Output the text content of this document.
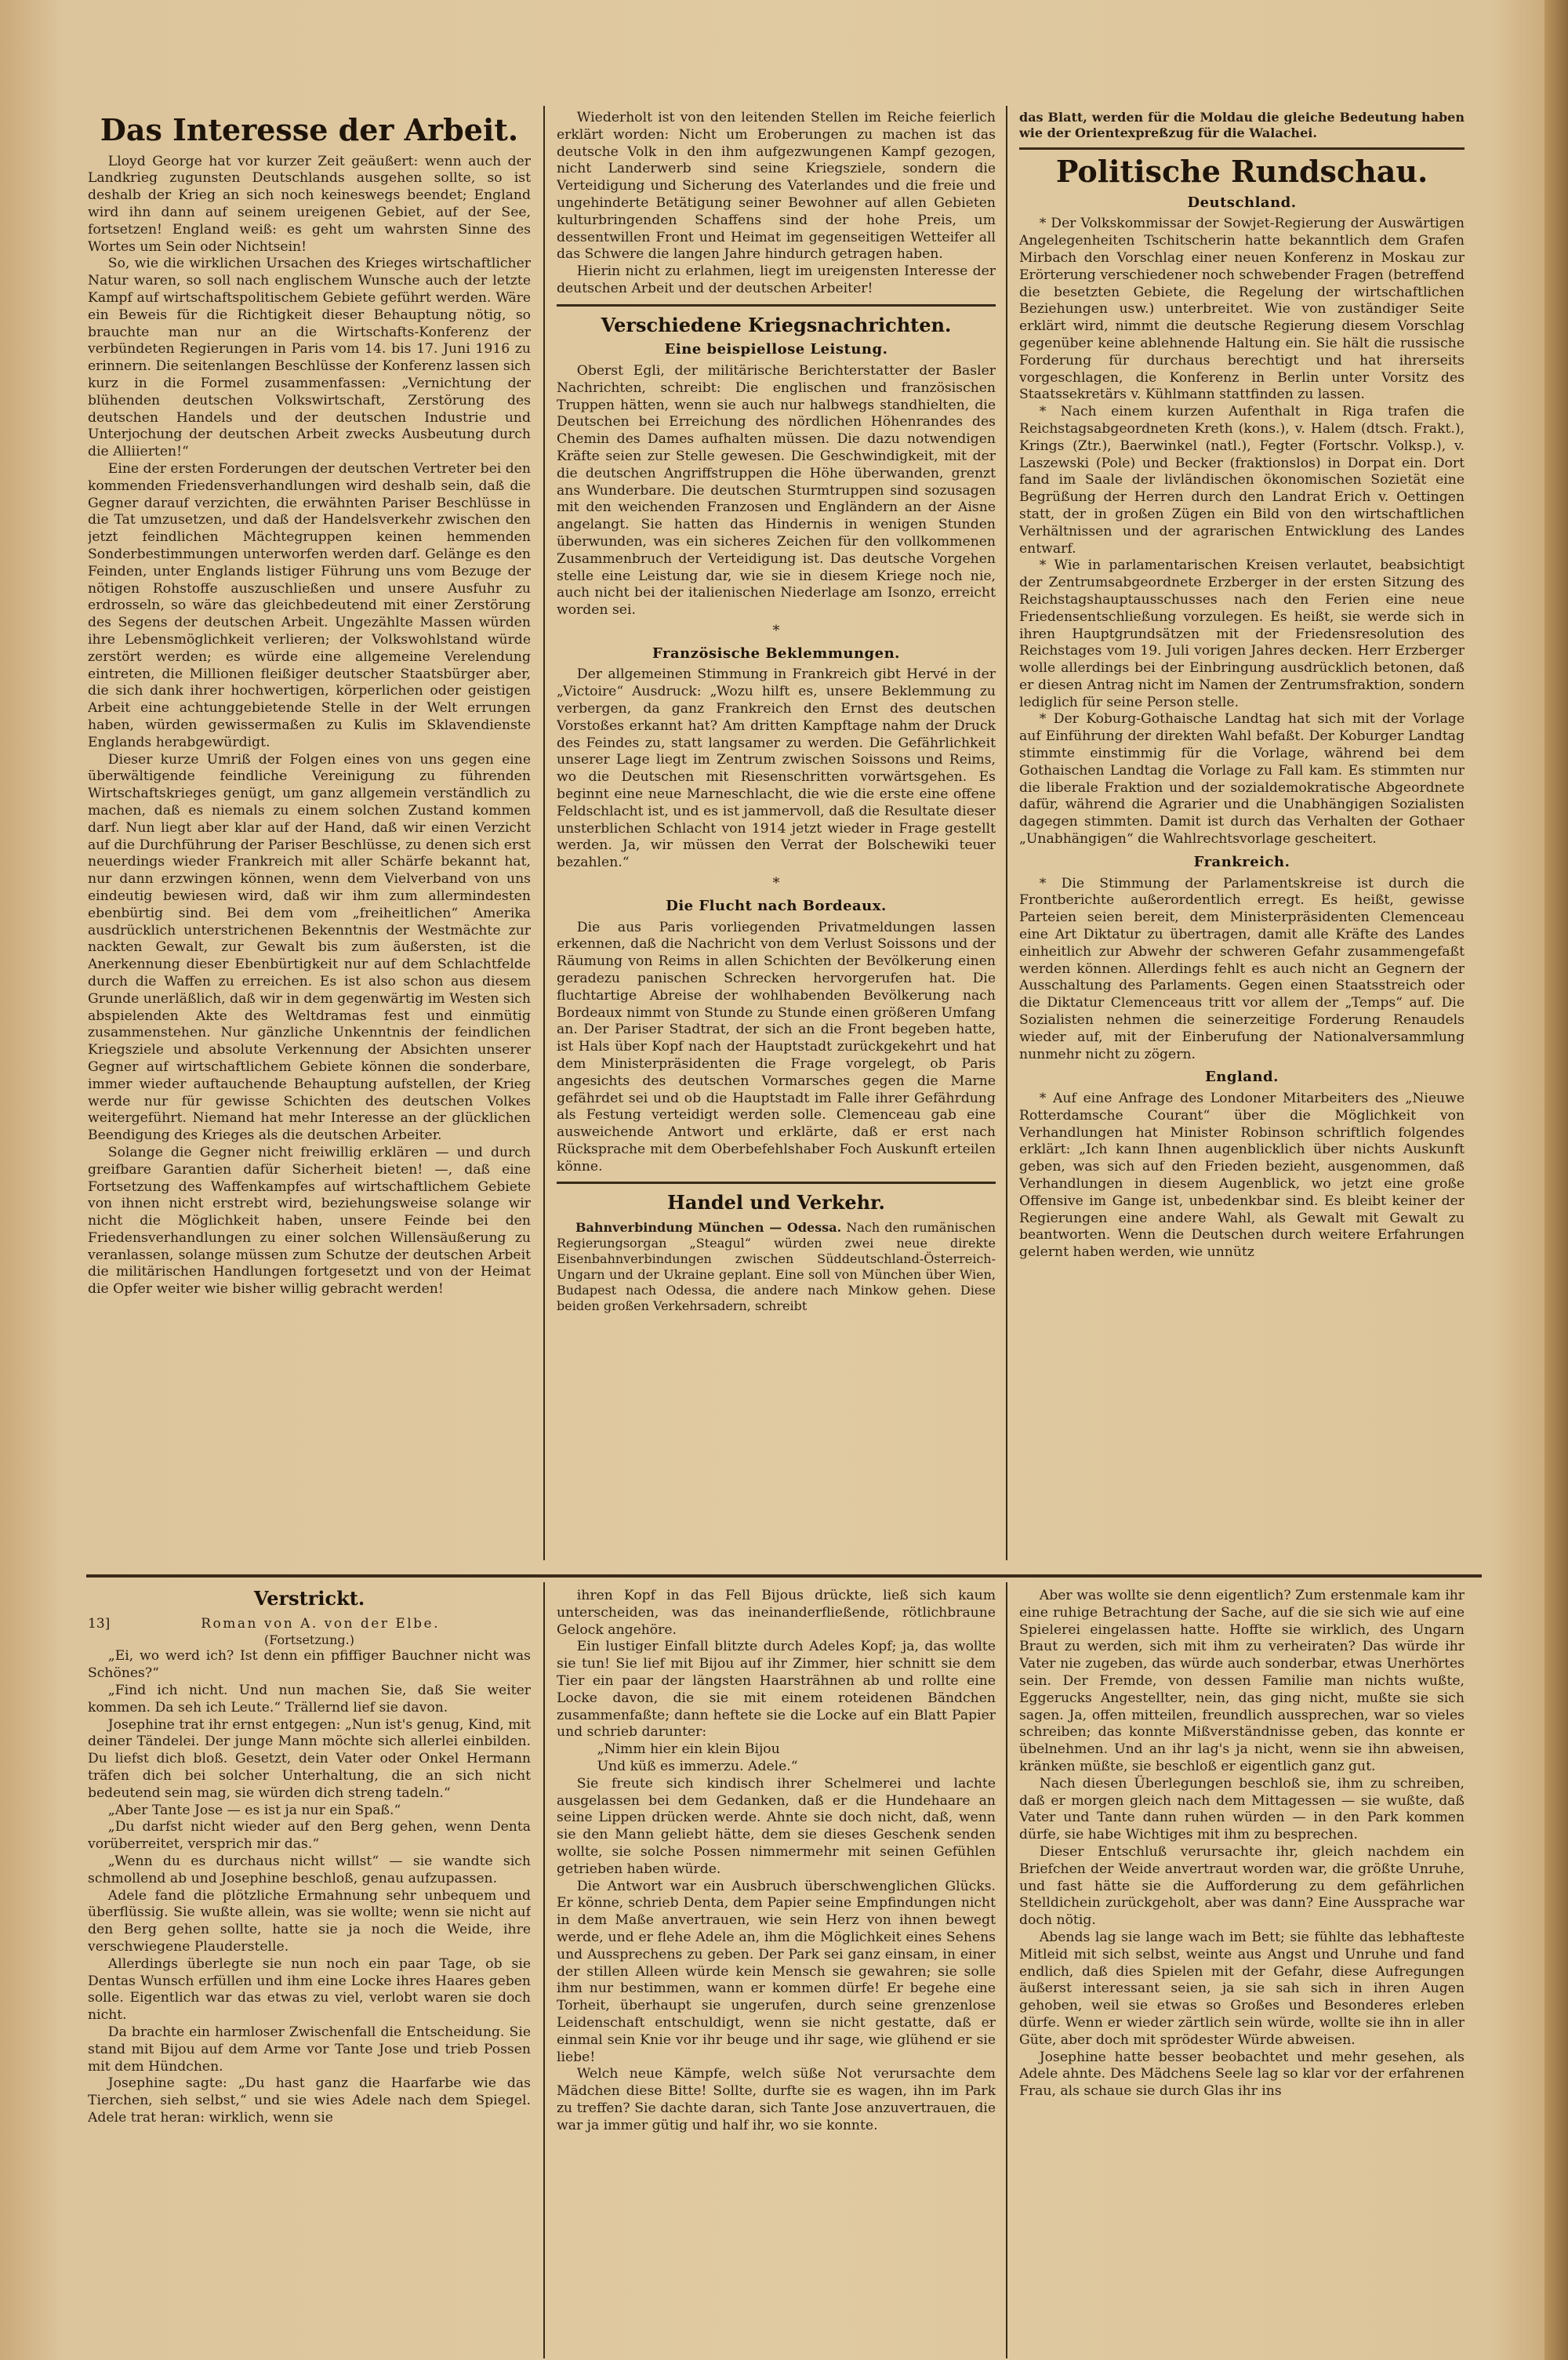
Das Interesse der Arbeit.

Lloyd George hat vor kurzer Zeit geäußert: wenn auch der Landkrieg zugunsten Deutschlands ausgehen sollte, so ist deshalb der Krieg an sich noch keineswegs beendet; England wird ihn dann auf seinem ureigenen Gebiet, auf der See, fortsetzen! England weiß: es geht um wahrsten Sinne des Wortes um Sein oder Nichtsein!

So, wie die wirklichen Ursachen des Krieges wirtschaftlicher Natur waren, so soll nach englischem Wunsche auch der letzte Kampf auf wirtschaftspolitischem Gebiete geführt werden. Wäre ein Beweis für die Richtigkeit dieser Behauptung nötig, so brauchte man nur an die Wirtschafts-Konferenz der verbündeten Regierungen in Paris vom 14. bis 17. Juni 1916 zu erinnern. Die seitenlangen Beschlüsse der Konferenz lassen sich kurz in die Formel zusammenfassen: „Vernichtung der blühenden deutschen Volkswirtschaft, Zerstörung des deutschen Handels und der deutschen Industrie und Unterjochung der deutschen Arbeit zwecks Ausbeutung durch die Alliierten!“

Eine der ersten Forderungen der deutschen Vertreter bei den kommenden Friedensverhandlungen wird deshalb sein, daß die Gegner darauf verzichten, die erwähnten Pariser Beschlüsse in die Tat umzusetzen, und daß der Handelsverkehr zwischen den jetzt feindlichen Mächtegruppen keinen hemmenden Sonderbestimmungen unterworfen werden darf. Gelänge es den Feinden, unter Englands listiger Führung uns vom Bezuge der nötigen Rohstoffe auszuschließen und unsere Ausfuhr zu erdrosseln, so wäre das gleichbedeutend mit einer Zerstörung des Segens der deutschen Arbeit. Ungezählte Massen würden ihre Lebensmöglichkeit verlieren; der Volkswohlstand würde zerstört werden; es würde eine allgemeine Verelendung eintreten, die Millionen fleißiger deutscher Staatsbürger aber, die sich dank ihrer hochwertigen, körperlichen oder geistigen Arbeit eine achtunggebietende Stelle in der Welt errungen haben, würden gewissermaßen zu Kulis im Sklavendienste Englands herabgewürdigt.

Dieser kurze Umriß der Folgen eines von uns gegen eine überwältigende feindliche Vereinigung zu führenden Wirtschaftskrieges genügt, um ganz allgemein verständlich zu machen, daß es niemals zu einem solchen Zustand kommen darf. Nun liegt aber klar auf der Hand, daß wir einen Verzicht auf die Durchführung der Pariser Beschlüsse, zu denen sich erst neuerdings wieder Frankreich mit aller Schärfe bekannt hat, nur dann erzwingen können, wenn dem Vielverband von uns eindeutig bewiesen wird, daß wir ihm zum allermindesten ebenbürtig sind. Bei dem vom „freiheitlichen“ Amerika ausdrücklich unterstrichenen Bekenntnis der Westmächte zur nackten Gewalt, zur Gewalt bis zum äußersten, ist die Anerkennung dieser Ebenbürtigkeit nur auf dem Schlachtfelde durch die Waffen zu erreichen. Es ist also schon aus diesem Grunde unerläßlich, daß wir in dem gegenwärtig im Westen sich abspielenden Akte des Weltdramas fest und einmütig zusammenstehen. Nur gänzliche Unkenntnis der feindlichen Kriegsziele und absolute Verkennung der Absichten unserer Gegner auf wirtschaftlichem Gebiete können die sonderbare, immer wieder auftauchende Behauptung aufstellen, der Krieg werde nur für gewisse Schichten des deutschen Volkes weitergeführt. Niemand hat mehr Interesse an der glücklichen Beendigung des Krieges als die deutschen Arbeiter.

Solange die Gegner nicht freiwillig erklären — und durch greifbare Garantien dafür Sicherheit bieten! —, daß eine Fortsetzung des Waffenkampfes auf wirtschaftlichem Gebiete von ihnen nicht erstrebt wird, beziehungsweise solange wir nicht die Möglichkeit haben, unsere Feinde bei den Friedensverhandlungen zu einer solchen Willensäußerung zu veranlassen, solange müssen zum Schutze der deutschen Arbeit die militärischen Handlungen fortgesetzt und von der Heimat die Opfer weiter wie bisher willig gebracht werden!

Wiederholt ist von den leitenden Stellen im Reiche feierlich erklärt worden: Nicht um Eroberungen zu machen ist das deutsche Volk in den ihm aufgezwungenen Kampf gezogen, nicht Landerwerb sind seine Kriegsziele, sondern die Verteidigung und Sicherung des Vaterlandes und die freie und ungehinderte Betätigung seiner Bewohner auf allen Gebieten kulturbringenden Schaffens sind der hohe Preis, um dessentwillen Front und Heimat im gegenseitigen Wetteifer all das Schwere die langen Jahre hindurch getragen haben.

Hierin nicht zu erlahmen, liegt im ureigensten Interesse der deutschen Arbeit und der deutschen Arbeiter!

Verschiedene Kriegsnachrichten.
Eine beispiellose Leistung.

Oberst Egli, der militärische Berichterstatter der Basler Nachrichten, schreibt: Die englischen und französischen Truppen hätten, wenn sie auch nur halbwegs standhielten, die Deutschen bei Erreichung des nördlichen Höhenrandes des Chemin des Dames aufhalten müssen. Die dazu notwendigen Kräfte seien zur Stelle gewesen. Die Geschwindigkeit, mit der die deutschen Angriffstruppen die Höhe überwanden, grenzt ans Wunderbare. Die deutschen Sturmtruppen sind sozusagen mit den weichenden Franzosen und Engländern an der Aisne angelangt. Sie hatten das Hindernis in wenigen Stunden überwunden, was ein sicheres Zeichen für den vollkommenen Zusammenbruch der Verteidigung ist. Das deutsche Vorgehen stelle eine Leistung dar, wie sie in diesem Kriege noch nie, auch nicht bei der italienischen Niederlage am Isonzo, erreicht worden sei.

*
Französische Beklemmungen.

Der allgemeinen Stimmung in Frankreich gibt Hervé in der „Victoire“ Ausdruck: „Wozu hilft es, unsere Beklemmung zu verbergen, da ganz Frankreich den Ernst des deutschen Vorstoßes erkannt hat? Am dritten Kampftage nahm der Druck des Feindes zu, statt langsamer zu werden. Die Gefährlichkeit unserer Lage liegt im Zentrum zwischen Soissons und Reims, wo die Deutschen mit Riesenschritten vorwärtsgehen. Es beginnt eine neue Marneschlacht, die wie die erste eine offene Feldschlacht ist, und es ist jammervoll, daß die Resultate dieser unsterblichen Schlacht von 1914 jetzt wieder in Frage gestellt werden. Ja, wir müssen den Verrat der Bolschewiki teuer bezahlen.“

*
Die Flucht nach Bordeaux.

Die aus Paris vorliegenden Privatmeldungen lassen erkennen, daß die Nachricht von dem Verlust Soissons und der Räumung von Reims in allen Schichten der Bevölkerung einen geradezu panischen Schrecken hervorgerufen hat. Die fluchtartige Abreise der wohlhabenden Bevölkerung nach Bordeaux nimmt von Stunde zu Stunde einen größeren Umfang an. Der Pariser Stadtrat, der sich an die Front begeben hatte, ist Hals über Kopf nach der Hauptstadt zurückgekehrt und hat dem Ministerpräsidenten die Frage vorgelegt, ob Paris angesichts des deutschen Vormarsches gegen die Marne gefährdet sei und ob die Hauptstadt im Falle ihrer Gefährdung als Festung verteidigt werden solle. Clemenceau gab eine ausweichende Antwort und erklärte, daß er erst nach Rücksprache mit dem Oberbefehlshaber Foch Auskunft erteilen könne.

Handel und Verkehr.

Bahnverbindung München — Odessa. Nach den rumänischen Regierungsorgan „Steagul“ würden zwei neue direkte Eisenbahnverbindungen zwischen Süddeutschland-Österreich-Ungarn und der Ukraine geplant. Eine soll von München über Wien, Budapest nach Odessa, die andere nach Minkow gehen. Diese beiden großen Verkehrsadern, schreibt

das Blatt, werden für die Moldau die gleiche Bedeutung haben wie der Orientexpreßzug für die Walachei.

Politische Rundschau.
Deutschland.

* Der Volkskommissar der Sowjet-Regierung der Auswärtigen Angelegenheiten Tschitscherin hatte bekanntlich dem Grafen Mirbach den Vorschlag einer neuen Konferenz in Moskau zur Erörterung verschiedener noch schwebender Fragen (betreffend die besetzten Gebiete, die Regelung der wirtschaftlichen Beziehungen usw.) unterbreitet. Wie von zuständiger Seite erklärt wird, nimmt die deutsche Regierung diesem Vorschlag gegenüber keine ablehnende Haltung ein. Sie hält die russische Forderung für durchaus berechtigt und hat ihrerseits vorgeschlagen, die Konferenz in Berlin unter Vorsitz des Staatssekretärs v. Kühlmann stattfinden zu lassen.

* Nach einem kurzen Aufenthalt in Riga trafen die Reichstagsabgeordneten Kreth (kons.), v. Halem (dtsch. Frakt.), Krings (Ztr.), Baerwinkel (natl.), Fegter (Fortschr. Volksp.), v. Laszewski (Pole) und Becker (fraktionslos) in Dorpat ein. Dort fand im Saale der livländischen ökonomischen Sozietät eine Begrüßung der Herren durch den Landrat Erich v. Oettingen statt, der in großen Zügen ein Bild von den wirtschaftlichen Verhältnissen und der agrarischen Entwicklung des Landes entwarf.

* Wie in parlamentarischen Kreisen verlautet, beabsichtigt der Zentrumsabgeordnete Erzberger in der ersten Sitzung des Reichstagshauptausschusses nach den Ferien eine neue Friedensentschließung vorzulegen. Es heißt, sie werde sich in ihren Hauptgrundsätzen mit der Friedensresolution des Reichstages vom 19. Juli vorigen Jahres decken. Herr Erzberger wolle allerdings bei der Einbringung ausdrücklich betonen, daß er diesen Antrag nicht im Namen der Zentrumsfraktion, sondern lediglich für seine Person stelle.

* Der Koburg-Gothaische Landtag hat sich mit der Vorlage auf Einführung der direkten Wahl befaßt. Der Koburger Landtag stimmte einstimmig für die Vorlage, während bei dem Gothaischen Landtag die Vorlage zu Fall kam. Es stimmten nur die liberale Fraktion und der sozialdemokratische Abgeordnete dafür, während die Agrarier und die Unabhängigen Sozialisten dagegen stimmten. Damit ist durch das Verhalten der Gothaer „Unabhängigen“ die Wahlrechtsvorlage gescheitert.

Frankreich.

* Die Stimmung der Parlamentskreise ist durch die Frontberichte außerordentlich erregt. Es heißt, gewisse Parteien seien bereit, dem Ministerpräsidenten Clemenceau eine Art Diktatur zu übertragen, damit alle Kräfte des Landes einheitlich zur Abwehr der schweren Gefahr zusammengefaßt werden können. Allerdings fehlt es auch nicht an Gegnern der Ausschaltung des Parlaments. Gegen einen Staatsstreich oder die Diktatur Clemenceaus tritt vor allem der „Temps“ auf. Die Sozialisten nehmen die seinerzeitige Forderung Renaudels wieder auf, mit der Einberufung der Nationalversammlung nunmehr nicht zu zögern.

England.

* Auf eine Anfrage des Londoner Mitarbeiters des „Nieuwe Rotterdamsche Courant“ über die Möglichkeit von Verhandlungen hat Minister Robinson schriftlich folgendes erklärt: „Ich kann Ihnen augenblicklich über nichts Auskunft geben, was sich auf den Frieden bezieht, ausgenommen, daß Verhandlungen in diesem Augenblick, wo jetzt eine große Offensive im Gange ist, unbedenkbar sind. Es bleibt keiner der Regierungen eine andere Wahl, als Gewalt mit Gewalt zu beantworten. Wenn die Deutschen durch weitere Erfahrungen gelernt haben werden, wie unnütz

Verstrickt.
13]	Roman von A. von der Elbe.
(Fortsetzung.)

„Ei, wo werd ich? Ist denn ein pfiffiger Bauchner nicht was Schönes?“

„Find ich nicht. Und nun machen Sie, daß Sie weiter kommen. Da seh ich Leute.“ Trällernd lief sie davon.

Josephine trat ihr ernst entgegen: „Nun ist's genug, Kind, mit deiner Tändelei. Der junge Mann möchte sich allerlei einbilden. Du liefst dich bloß. Gesetzt, dein Vater oder Onkel Hermann träfen dich bei solcher Unterhaltung, die an sich nicht bedeutend sein mag, sie würden dich streng tadeln.“

„Aber Tante Jose — es ist ja nur ein Spaß.“

„Du darfst nicht wieder auf den Berg gehen, wenn Denta vorüberreitet, versprich mir das.“

„Wenn du es durchaus nicht willst“ — sie wandte sich schmollend ab und Josephine beschloß, genau aufzupassen.

Adele fand die plötzliche Ermahnung sehr unbequem und überflüssig. Sie wußte allein, was sie wollte; wenn sie nicht auf den Berg gehen sollte, hatte sie ja noch die Weide, ihre verschwiegene Plauderstelle.

Allerdings überlegte sie nun noch ein paar Tage, ob sie Dentas Wunsch erfüllen und ihm eine Locke ihres Haares geben solle. Eigentlich war das etwas zu viel, verlobt waren sie doch nicht.

Da brachte ein harmloser Zwischenfall die Entscheidung. Sie stand mit Bijou auf dem Arme vor Tante Jose und trieb Possen mit dem Hündchen.

Josephine sagte: „Du hast ganz die Haarfarbe wie das Tierchen, sieh selbst,“ und sie wies Adele nach dem Spiegel. Adele trat heran: wirklich, wenn sie

ihren Kopf in das Fell Bijous drückte, ließ sich kaum unterscheiden, was das ineinanderfließende, rötlichbraune Gelock angehöre.

Ein lustiger Einfall blitzte durch Adeles Kopf; ja, das wollte sie tun! Sie lief mit Bijou auf ihr Zimmer, hier schnitt sie dem Tier ein paar der längsten Haarsträhnen ab und rollte eine Locke davon, die sie mit einem roteidenen Bändchen zusammenfaßte; dann heftete sie die Locke auf ein Blatt Papier und schrieb darunter:

„Nimm hier ein klein Bijou
Und küß es immerzu. Adele.“

Sie freute sich kindisch ihrer Schelmerei und lachte ausgelassen bei dem Gedanken, daß er die Hundehaare an seine Lippen drücken werde. Ahnte sie doch nicht, daß, wenn sie den Mann geliebt hätte, dem sie dieses Geschenk senden wollte, sie solche Possen nimmermehr mit seinen Gefühlen getrieben haben würde.

Die Antwort war ein Ausbruch überschwenglichen Glücks. Er könne, schrieb Denta, dem Papier seine Empfindungen nicht in dem Maße anvertrauen, wie sein Herz von ihnen bewegt werde, und er flehe Adele an, ihm die Möglichkeit eines Sehens und Aussprechens zu geben. Der Park sei ganz einsam, in einer der stillen Alleen würde kein Mensch sie gewahren; sie solle ihm nur bestimmen, wann er kommen dürfe! Er begehe eine Torheit, überhaupt sie ungerufen, durch seine grenzenlose Leidenschaft entschuldigt, wenn sie nicht gestatte, daß er einmal sein Knie vor ihr beuge und ihr sage, wie glühend er sie liebe!

Welch neue Kämpfe, welch süße Not verursachte dem Mädchen diese Bitte! Sollte, durfte sie es wagen, ihn im Park zu treffen? Sie dachte daran, sich Tante Jose anzuvertrauen, die war ja immer gütig und half ihr, wo sie konnte.

Aber was wollte sie denn eigentlich? Zum erstenmale kam ihr eine ruhige Betrachtung der Sache, auf die sie sich wie auf eine Spielerei eingelassen hatte. Hoffte sie wirklich, des Ungarn Braut zu werden, sich mit ihm zu verheiraten? Das würde ihr Vater nie zugeben, das würde auch sonderbar, etwas Unerhörtes sein. Der Fremde, von dessen Familie man nichts wußte, Eggerucks Angestellter, nein, das ging nicht, mußte sie sich sagen. Ja, offen mitteilen, freundlich aussprechen, war so vieles schreiben; das konnte Mißverständnisse geben, das konnte er übelnehmen. Und an ihr lag's ja nicht, wenn sie ihn abweisen, kränken müßte, sie beschloß er eigentlich ganz gut.

Nach diesen Überlegungen beschloß sie, ihm zu schreiben, daß er morgen gleich nach dem Mittagessen — sie wußte, daß Vater und Tante dann ruhen würden — in den Park kommen dürfe, sie habe Wichtiges mit ihm zu besprechen.

Dieser Entschluß verursachte ihr, gleich nachdem ein Briefchen der Weide anvertraut worden war, die größte Unruhe, und fast hätte sie die Aufforderung zu dem gefährlichen Stelldichein zurückgeholt, aber was dann? Eine Aussprache war doch nötig.

Abends lag sie lange wach im Bett; sie fühlte das lebhafteste Mitleid mit sich selbst, weinte aus Angst und Unruhe und fand endlich, daß dies Spielen mit der Gefahr, diese Aufregungen äußerst interessant seien, ja sie sah sich in ihren Augen gehoben, weil sie etwas so Großes und Besonderes erleben dürfe. Wenn er wieder zärtlich sein würde, wollte sie ihn in aller Güte, aber doch mit sprödester Würde abweisen.

Josephine hatte besser beobachtet und mehr gesehen, als Adele ahnte. Des Mädchens Seele lag so klar vor der erfahrenen Frau, als schaue sie durch Glas ihr ins
